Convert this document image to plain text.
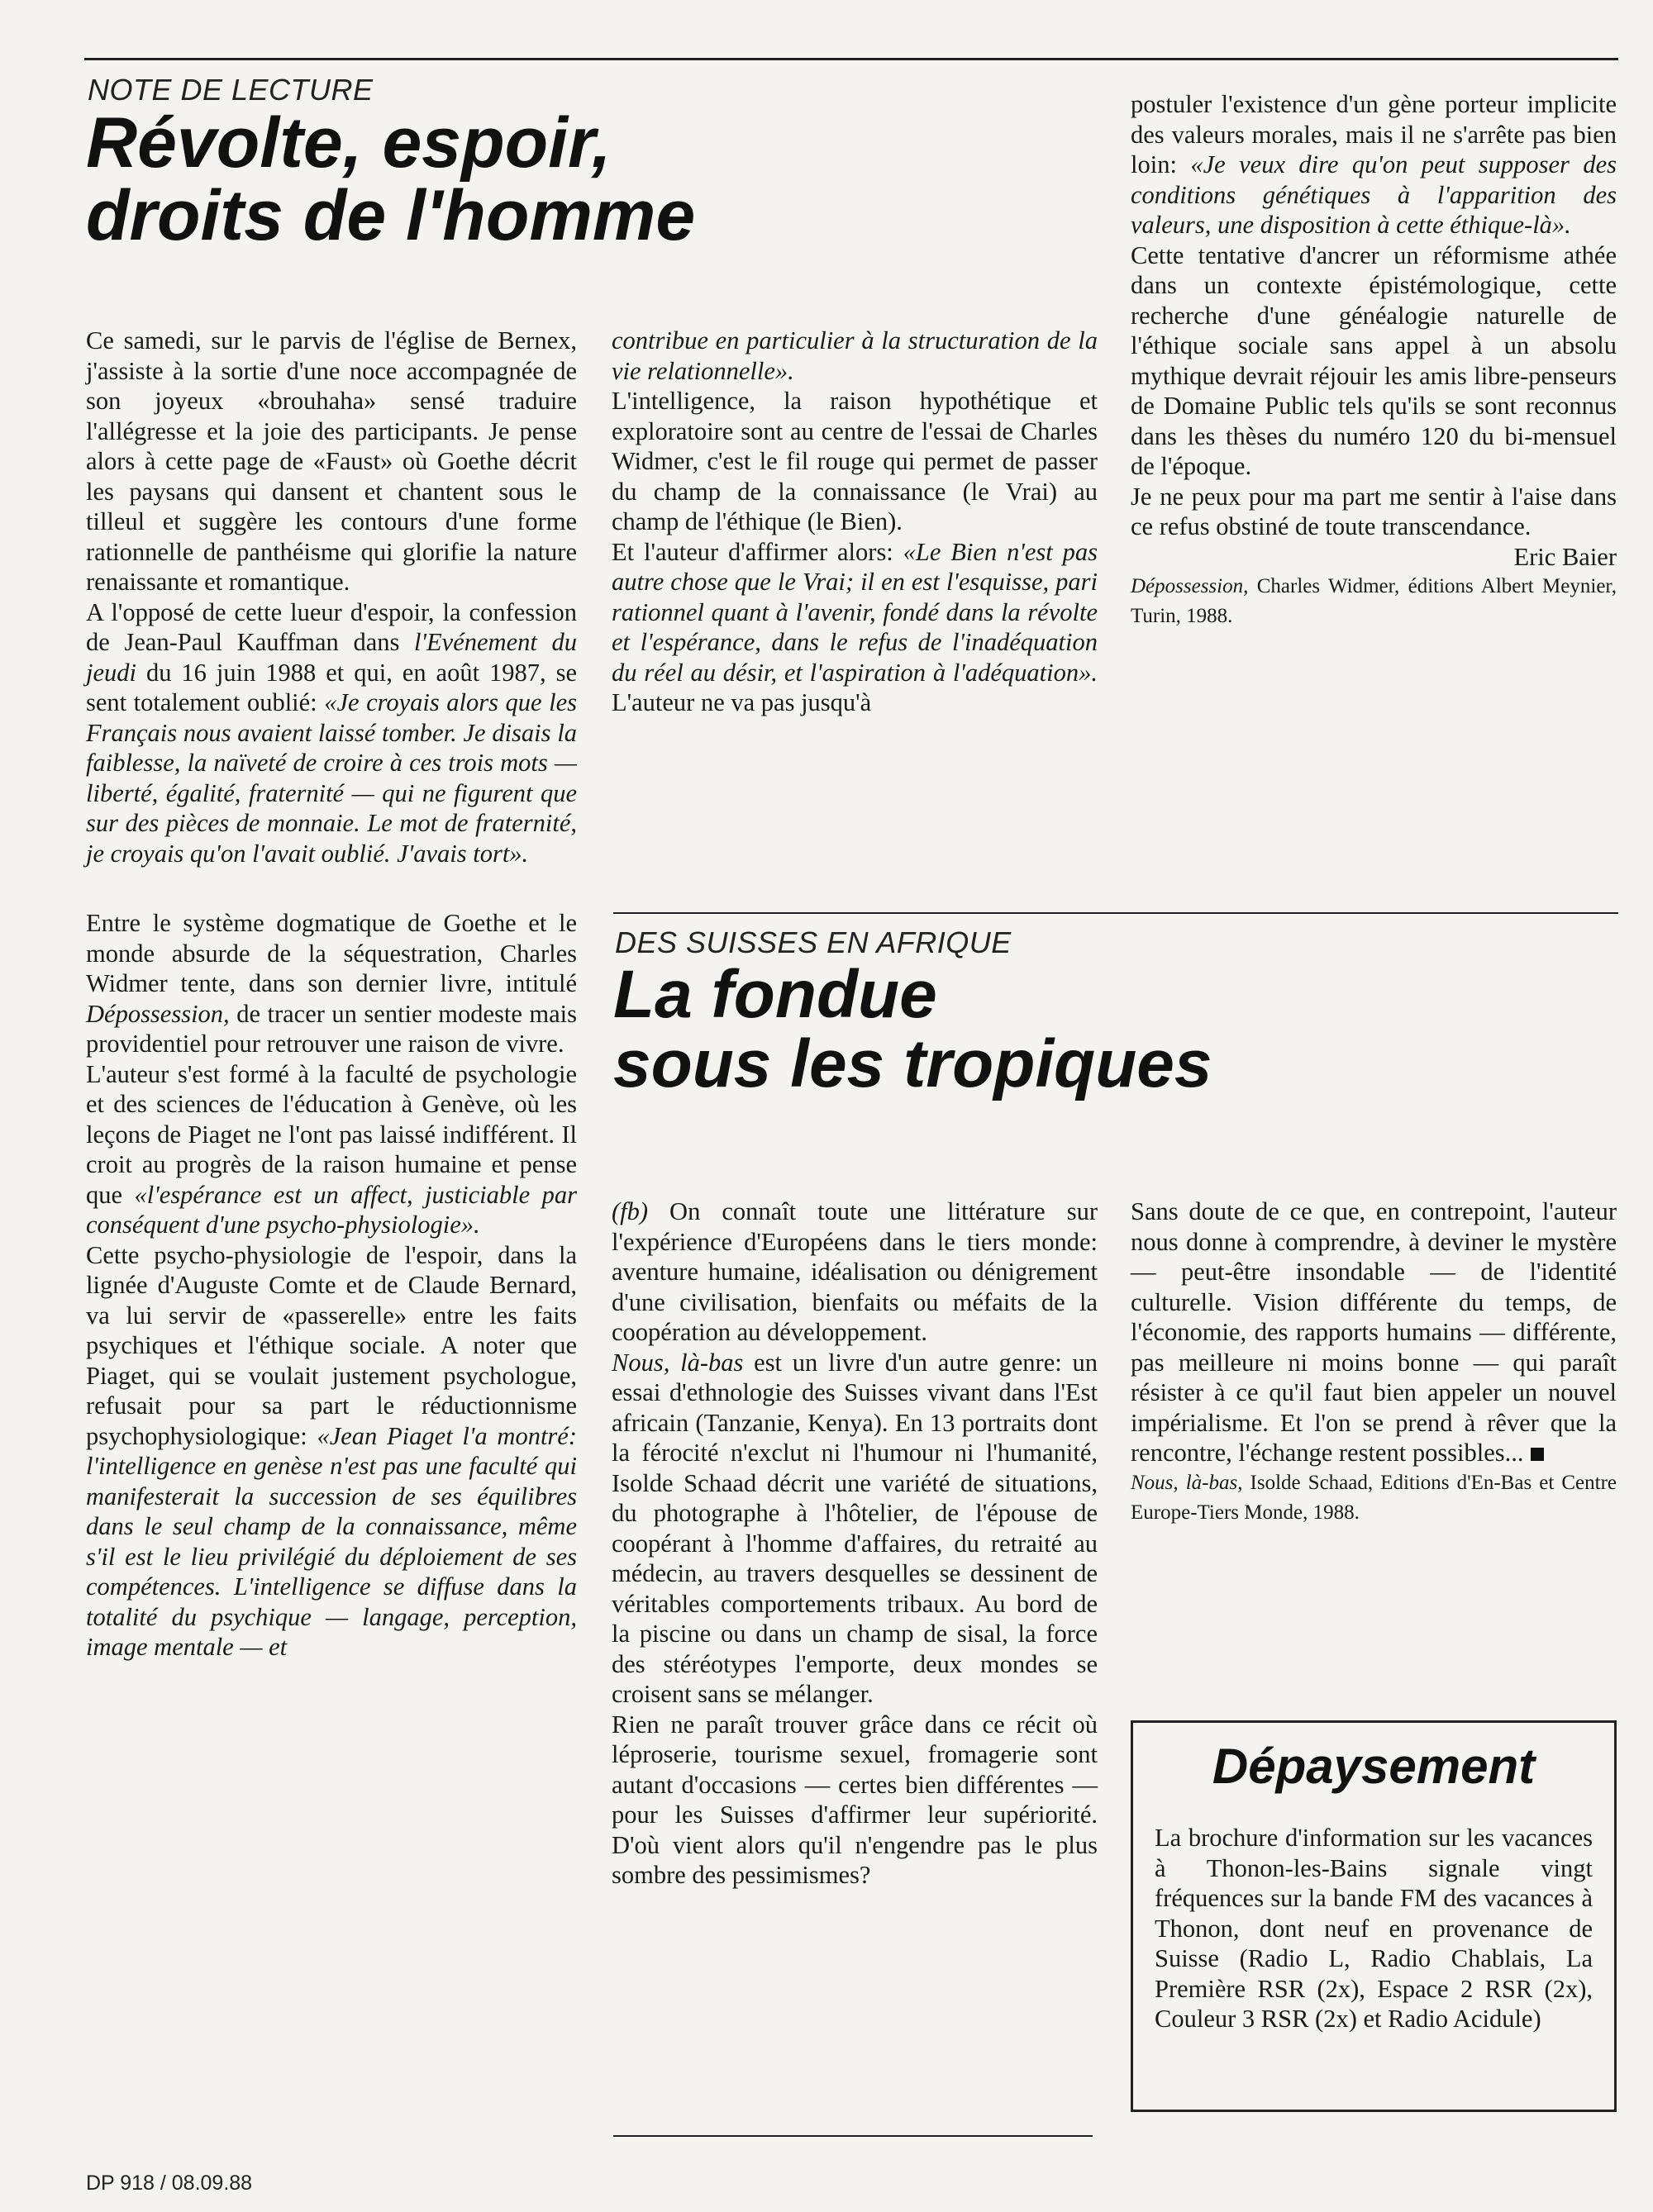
NOTE DE LECTURE
Révolte, espoir,
droits de l'homme

Ce samedi, sur le parvis de l'église de Bernex, j'assiste à la sortie d'une noce accompagnée de son joyeux «brouhaha» sensé traduire l'allégresse et la joie des participants. Je pense alors à cette page de «Faust» où Goethe décrit les paysans qui dansent et chantent sous le tilleul et suggère les contours d'une forme rationnelle de panthéisme qui glorifie la nature renaissante et romantique.

A l'opposé de cette lueur d'espoir, la confession de Jean-Paul Kauffman dans l'Evénement du jeudi du 16 juin 1988 et qui, en août 1987, se sent totalement oublié: «Je croyais alors que les Français nous avaient laissé tomber. Je disais la faiblesse, la naïveté de croire à ces trois mots — liberté, égalité, fraternité — qui ne figurent que sur des pièces de monnaie. Le mot de fraternité, je croyais qu'on l'avait oublié. J'avais tort».

Entre le système dogmatique de Goethe et le monde absurde de la séquestration, Charles Widmer tente, dans son dernier livre, intitulé Dépossession, de tracer un sentier modeste mais providentiel pour retrouver une raison de vivre.

L'auteur s'est formé à la faculté de psychologie et des sciences de l'éducation à Genève, où les leçons de Piaget ne l'ont pas laissé indifférent. Il croit au progrès de la raison humaine et pense que «l'espérance est un affect, justiciable par conséquent d'une psycho-physiologie».

Cette psycho-physiologie de l'espoir, dans la lignée d'Auguste Comte et de Claude Bernard, va lui servir de «passerelle» entre les faits psychiques et l'éthique sociale. A noter que Piaget, qui se voulait justement psychologue, refusait pour sa part le réductionnisme psychophysiologique: «Jean Piaget l'a montré: l'intelligence en genèse n'est pas une faculté qui manifesterait la succession de ses équilibres dans le seul champ de la connaissance, même s'il est le lieu privilégié du déploiement de ses compétences. L'intelligence se diffuse dans la totalité du psychique — langage, perception, image mentale — et

contribue en particulier à la structuration de la vie relationnelle».

L'intelligence, la raison hypothétique et exploratoire sont au centre de l'essai de Charles Widmer, c'est le fil rouge qui permet de passer du champ de la connaissance (le Vrai) au champ de l'éthique (le Bien).

Et l'auteur d'affirmer alors: «Le Bien n'est pas autre chose que le Vrai; il en est l'esquisse, pari rationnel quant à l'avenir, fondé dans la révolte et l'espérance, dans le refus de l'inadéquation du réel au désir, et l'aspiration à l'adéquation». L'auteur ne va pas jusqu'à

postuler l'existence d'un gène porteur implicite des valeurs morales, mais il ne s'arrête pas bien loin: «Je veux dire qu'on peut supposer des conditions génétiques à l'apparition des valeurs, une disposition à cette éthique-là».

Cette tentative d'ancrer un réformisme athée dans un contexte épistémologique, cette recherche d'une généalogie naturelle de l'éthique sociale sans appel à un absolu mythique devrait réjouir les amis libre-penseurs de Domaine Public tels qu'ils se sont reconnus dans les thèses du numéro 120 du bi-mensuel de l'époque.

Je ne peux pour ma part me sentir à l'aise dans ce refus obstiné de toute transcendance.

Eric Baier

Dépossession, Charles Widmer, éditions Albert Meynier, Turin, 1988.

DES SUISSES EN AFRIQUE
La fondue
sous les tropiques

(fb) On connaît toute une littérature sur l'expérience d'Européens dans le tiers monde: aventure humaine, idéalisation ou dénigrement d'une civilisation, bienfaits ou méfaits de la coopération au développement.

Nous, là-bas est un livre d'un autre genre: un essai d'ethnologie des Suisses vivant dans l'Est africain (Tanzanie, Kenya). En 13 portraits dont la férocité n'exclut ni l'humour ni l'humanité, Isolde Schaad décrit une variété de situations, du photographe à l'hôtelier, de l'épouse de coopérant à l'homme d'affaires, du retraité au médecin, au travers desquelles se dessinent de véritables comportements tribaux. Au bord de la piscine ou dans un champ de sisal, la force des stéréotypes l'emporte, deux mondes se croisent sans se mélanger.

Rien ne paraît trouver grâce dans ce récit où léproserie, tourisme sexuel, fromagerie sont autant d'occasions — certes bien différentes — pour les Suisses d'affirmer leur supériorité. D'où vient alors qu'il n'engendre pas le plus sombre des pessimismes?

Sans doute de ce que, en contrepoint, l'auteur nous donne à comprendre, à deviner le mystère — peut-être insondable — de l'identité culturelle. Vision différente du temps, de l'économie, des rapports humains — différente, pas meilleure ni moins bonne — qui paraît résister à ce qu'il faut bien appeler un nouvel impérialisme. Et l'on se prend à rêver que la rencontre, l'échange restent possibles...

Nous, là-bas, Isolde Schaad, Editions d'En-Bas et Centre Europe-Tiers Monde, 1988.

Dépaysement
La brochure d'information sur les vacances à Thonon-les-Bains signale vingt fréquences sur la bande FM des vacances à Thonon, dont neuf en provenance de Suisse (Radio L, Radio Chablais, La Première RSR (2x), Espace 2 RSR (2x), Couleur 3 RSR (2x) et Radio Acidule)
DP 918 / 08.09.88
